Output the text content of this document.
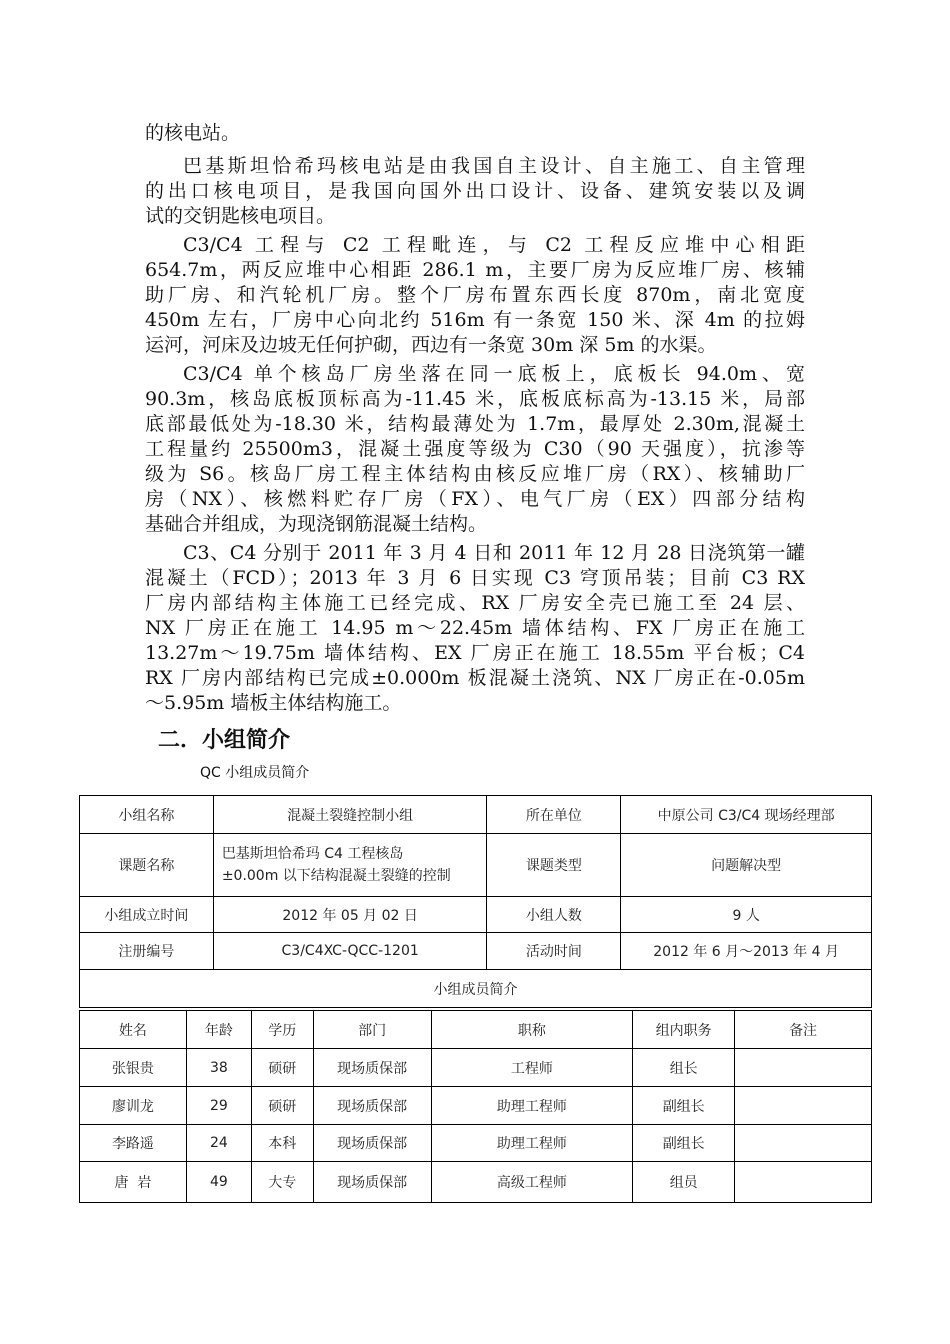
的核电站。
巴基斯坦恰希玛核电站是由我国自主设计、自主施工、自主管理
的出口核电项目，是我国向国外出口设计、设备、建筑安装以及调
试的交钥匙核电项目。
C3/C4 工程与 C2 工程毗连，与 C2 工程反应堆中心相距
654.7m，两反应堆中心相距 286.1 m，主要厂房为反应堆厂房、核辅
助厂房、和汽轮机厂房。整个厂房布置东西长度 870m，南北宽度
450m 左右，厂房中心向北约 516m 有一条宽 150 米、深 4m 的拉姆
运河，河床及边坡无任何护砌，西边有一条宽 30m 深 5m 的水渠。
C3/C4 单个核岛厂房坐落在同一底板上，底板长 94.0m、宽
90.3m，核岛底板顶标高为-11.45 米，底板底标高为-13.15 米，局部
底部最低处为-18.30 米，结构最薄处为 1.7m，最厚处 2.30m,混凝土
工程量约 25500m3，混凝土强度等级为 C30（90 天强度），抗渗等
级为 S6。核岛厂房工程主体结构由核反应堆厂房（RX）、核辅助厂
房（NX）、核燃料贮存厂房（FX）、电气厂房（EX）四部分结构
基础合并组成，为现浇钢筋混凝土结构。
C3、C4 分别于 2011 年 3 月 4 日和 2011 年 12 月 28 日浇筑第一罐
混凝土（FCD）；2013 年 3 月 6 日实现 C3 穹顶吊装；目前 C3 RX
厂房内部结构主体施工已经完成、RX 厂房安全壳已施工至 24 层、
NX 厂房正在施工 14.95 m～22.45m 墙体结构、FX 厂房正在施工
13.27m～19.75m 墙体结构、EX 厂房正在施工 18.55m 平台板；C4
RX 厂房内部结构已完成±0.000m 板混凝土浇筑、NX 厂房正在-0.05m
～5.95m 墙板主体结构施工。
二．小组简介
QC 小组成员简介
小组名称	混凝土裂缝控制小组	所在单位	中原公司 C3/C4 现场经理部
课题名称	巴基斯坦恰希玛 C4 工程核岛
±0.00m 以下结构混凝土裂缝的控制	课题类型	问题解决型
小组成立时间	2012 年 05 月 02 日	小组人数	9 人
注册编号	C3/C4XC-QCC-1201	活动时间	2012 年 6 月～2013 年 4 月
小组成员简介			
姓名	年龄	学历	部门	职称	组内职务	备注
张银贵	38	硕研	现场质保部	工程师	组长	
廖训龙	29	硕研	现场质保部	助理工程师	副组长	
李路遥	24	本科	现场质保部	助理工程师	副组长	
唐  岩	49	大专	现场质保部	高级工程师	组员	
